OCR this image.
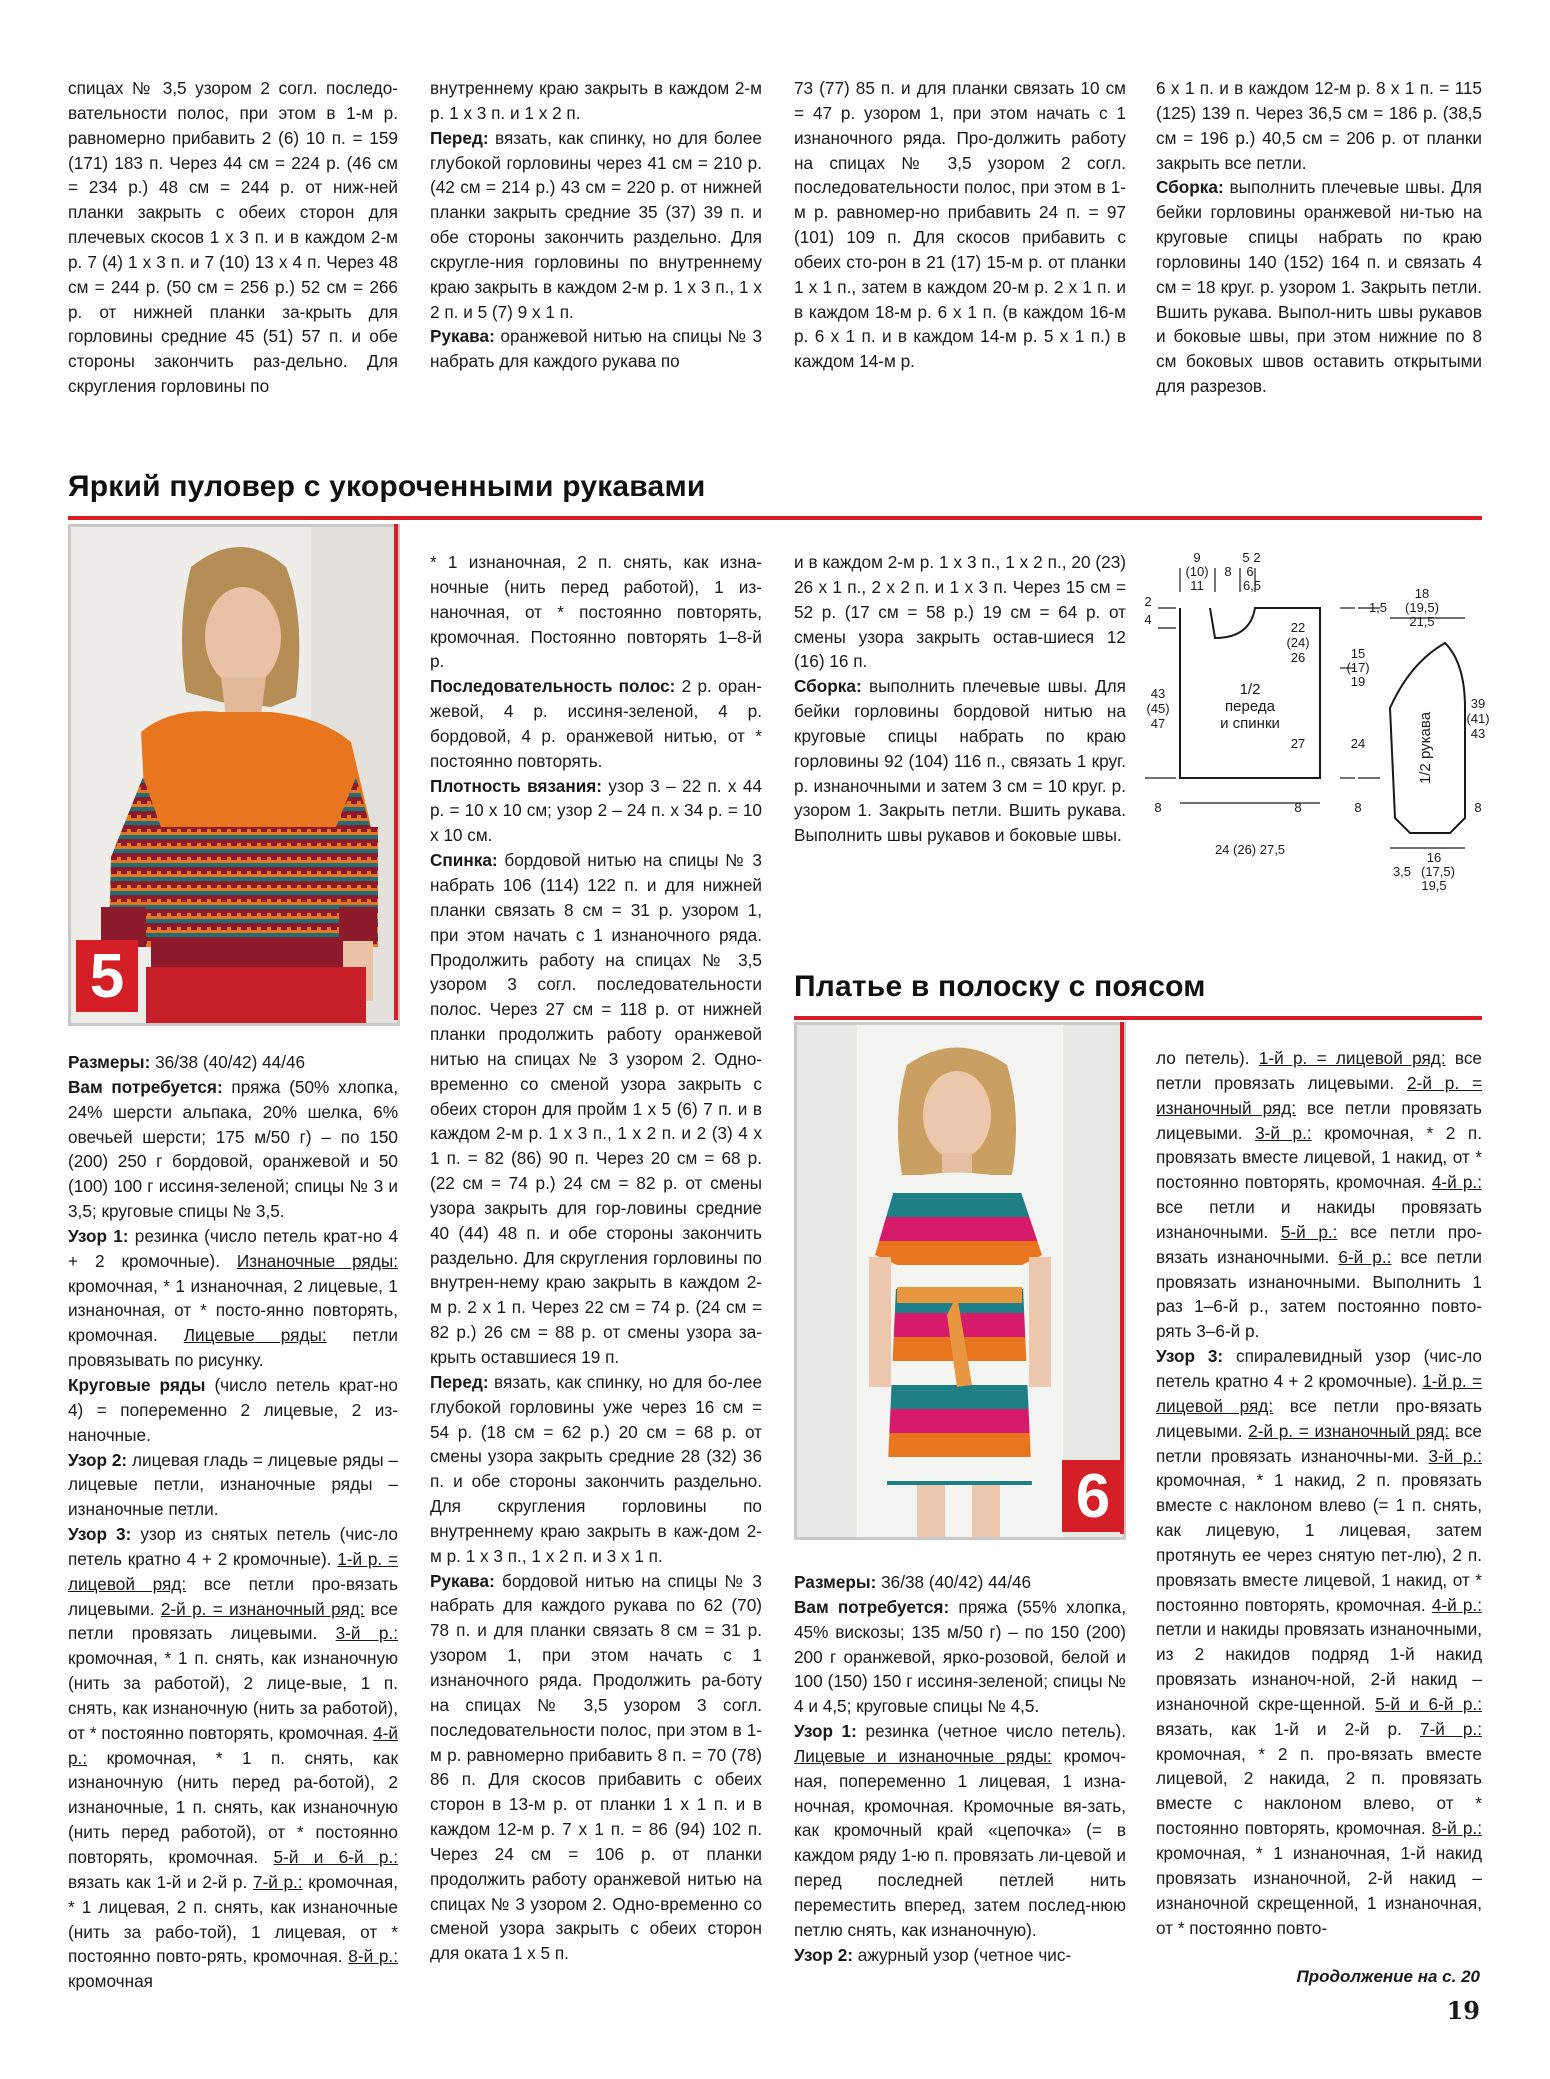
спицах № 3,5 узором 2 согл. последо-вательности полос, при этом в 1-м р. равномерно прибавить 2 (6) 10 п. = 159 (171) 183 п. Через 44 см = 224 р. (46 см = 234 р.) 48 см = 244 р. от ниж-ней планки закрыть с обеих сторон для плечевых скосов 1 х 3 п. и в каждом 2-м р. 7 (4) 1 х 3 п. и 7 (10) 13 х 4 п. Через 48 см = 244 р. (50 см = 256 р.) 52 см = 266 р. от нижней планки за-крыть для горловины средние 45 (51) 57 п. и обе стороны закончить раз-дельно. Для скругления горловины по

внутреннему краю закрыть в каждом 2-м р. 1 х 3 п. и 1 х 2 п.

Перед: вязать, как спинку, но для более глубокой горловины через 41 см = 210 р. (42 см = 214 р.) 43 см = 220 р. от нижней планки закрыть средние 35 (37) 39 п. и обе стороны закончить раздельно. Для скругле-ния горловины по внутреннему краю закрыть в каждом 2-м р. 1 х 3 п., 1 х 2 п. и 5 (7) 9 х 1 п.

Рукава: оранжевой нитью на спицы № 3 набрать для каждого рукава по

73 (77) 85 п. и для планки связать 10 см = 47 р. узором 1, при этом начать с 1 изнаночного ряда. Про-должить работу на спицах № 3,5 узором 2 согл. последовательности полос, при этом в 1-м р. равномер-но прибавить 24 п. = 97 (101) 109 п. Для скосов прибавить с обеих сто-рон в 21 (17) 15-м р. от планки 1 х 1 п., затем в каждом 20-м р. 2 х 1 п. и в каждом 18-м р. 6 х 1 п. (в каждом 16-м р. 6 х 1 п. и в каждом 14-м р. 5 х 1 п.) в каждом 14-м р.

6 х 1 п. и в каждом 12-м р. 8 х 1 п. = 115 (125) 139 п. Через 36,5 см = 186 р. (38,5 см = 196 р.) 40,5 см = 206 р. от планки закрыть все петли.

Сборка: выполнить плечевые швы. Для бейки горловины оранжевой ни-тью на круговые спицы набрать по краю горловины 140 (152) 164 п. и связать 4 см = 18 круг. р. узором 1. Закрыть петли. Вшить рукава. Выпол-нить швы рукавов и боковые швы, при этом нижние по 8 см боковых швов оставить открытыми для разрезов.

Яркий пуловер с укороченными рукавами
5

Размеры: 36/38 (40/42) 44/46

Вам потребуется: пряжа (50% хлопка, 24% шерсти альпака, 20% шелка, 6% овечьей шерсти; 175 м/50 г) – по 150 (200) 250 г бордовой, оранжевой и 50 (100) 100 г иссиня-зеленой; спицы № 3 и 3,5; круговые спицы № 3,5.

Узор 1: резинка (число петель крат-но 4 + 2 кромочные). Изнаночные ряды: кромочная, * 1 изнаночная, 2 лицевые, 1 изнаночная, от * посто-янно повторять, кромочная. Лицевые ряды: петли провязывать по рисунку.

Круговые ряды (число петель крат-но 4) = попеременно 2 лицевые, 2 из-наночные.

Узор 2: лицевая гладь = лицевые ряды – лицевые петли, изнаночные ряды – изнаночные петли.

Узор 3: узор из снятых петель (чис-ло петель кратно 4 + 2 кромочные). 1-й р. = лицевой ряд: все петли про-вязать лицевыми. 2-й р. = изнаночный ряд: все петли провязать лицевыми. 3-й р.: кромочная, * 1 п. снять, как изнаночную (нить за работой), 2 лице-вые, 1 п. снять, как изнаночную (нить за работой), от * постоянно повторять, кромочная. 4-й р.: кромочная, * 1 п. снять, как изнаночную (нить перед ра-ботой), 2 изнаночные, 1 п. снять, как изнаночную (нить перед работой), от * постоянно повторять, кромочная. 5-й и 6-й р.: вязать как 1-й и 2-й р. 7-й р.: кромочная, * 1 лицевая, 2 п. снять, как изнаночные (нить за рабо-той), 1 лицевая, от * постоянно повто-рять, кромочная. 8-й р.: кромочная

* 1 изнаночная, 2 п. снять, как изна-ночные (нить перед работой), 1 из-наночная, от * постоянно повторять, кромочная. Постоянно повторять 1–8-й р.

Последовательность полос: 2 р. оран-жевой, 4 р. иссиня-зеленой, 4 р. бордовой, 4 р. оранжевой нитью, от * постоянно повторять.

Плотность вязания: узор 3 – 22 п. х 44 р. = 10 х 10 см; узор 2 – 24 п. х 34 р. = 10 х 10 см.

Спинка: бордовой нитью на спицы № 3 набрать 106 (114) 122 п. и для нижней планки связать 8 см = 31 р. узором 1, при этом начать с 1 изнаночного ряда. Продолжить работу на спицах № 3,5 узором 3 согл. последовательности полос. Через 27 см = 118 р. от нижней планки продолжить работу оранжевой нитью на спицах № 3 узором 2. Одно-временно со сменой узора закрыть с обеих сторон для пройм 1 х 5 (6) 7 п. и в каждом 2-м р. 1 х 3 п., 1 х 2 п. и 2 (3) 4 х 1 п. = 82 (86) 90 п. Через 20 см = 68 р. (22 см = 74 р.) 24 см = 82 р. от смены узора закрыть для гор-ловины средние 40 (44) 48 п. и обе стороны закончить раздельно. Для скругления горловины по внутрен-нему краю закрыть в каждом 2-м р. 2 х 1 п. Через 22 см = 74 р. (24 см = 82 р.) 26 см = 88 р. от смены узора за-крыть оставшиеся 19 п.

Перед: вязать, как спинку, но для бо-лее глубокой горловины уже через 16 см = 54 р. (18 см = 62 р.) 20 см = 68 р. от смены узора закрыть средние 28 (32) 36 п. и обе стороны закончить раздельно. Для скругления горловины по внутреннему краю закрыть в каж-дом 2-м р. 1 х 3 п., 1 х 2 п. и 3 х 1 п.

Рукава: бордовой нитью на спицы № 3 набрать для каждого рукава по 62 (70) 78 п. и для планки связать 8 см = 31 р. узором 1, при этом начать с 1 изнаночного ряда. Продолжить ра-боту на спицах № 3,5 узором 3 согл. последовательности полос, при этом в 1-м р. равномерно прибавить 8 п. = 70 (78) 86 п. Для скосов прибавить с обеих сторон в 13-м р. от планки 1 х 1 п. и в каждом 12-м р. 7 х 1 п. = 86 (94) 102 п. Через 24 см = 106 р. от планки продолжить работу оранжевой нитью на спицах № 3 узором 2. Одно-временно со сменой узора закрыть с обеих сторон для оката 1 х 5 п.

и в каждом 2-м р. 1 х 3 п., 1 х 2 п., 20 (23) 26 х 1 п., 2 х 2 п. и 1 х 3 п. Через 15 см = 52 р. (17 см = 58 р.) 19 см = 64 р. от смены узора закрыть остав-шиеся 12 (16) 16 п.

Сборка: выполнить плечевые швы. Для бейки горловины бордовой нитью на круговые спицы набрать по краю горловины 92 (104) 116 п., связать 1 круг. р. изнаночными и затем 3 см = 10 круг. р. узором 1. Закрыть петли. Вшить рукава. Выполнить швы рукавов и боковые швы.

9
(10)
11
8
5 2
6
6,5
2
4
22
(24)
26
43
(45)
47
1/2
переда
и спинки
27
8	8
24 (26) 27,5
18
(19,5)
21,5
1,5
15
(17)
19
24
8	8
39
(41)
43
16
3,5 (17,5)
19,5
1/2 рукава
Платье в полоску с поясом
6

Размеры: 36/38 (40/42) 44/46

Вам потребуется: пряжа (55% хлопка, 45% вискозы; 135 м/50 г) – по 150 (200) 200 г оранжевой, ярко-розовой, белой и 100 (150) 150 г иссиня-зеленой; спицы № 4 и 4,5; круговые спицы № 4,5.

Узор 1: резинка (четное число петель). Лицевые и изнаночные ряды: кромоч-ная, попеременно 1 лицевая, 1 изна-ночная, кромочная. Кромочные вя-зать, как кромочный край «цепочка» (= в каждом ряду 1-ю п. провязать ли-цевой и перед последней петлей нить переместить вперед, затем послед-нюю петлю снять, как изнаночную).

Узор 2: ажурный узор (четное чис-

ло петель). 1-й р. = лицевой ряд: все петли провязать лицевыми. 2-й р. = изнаночный ряд: все петли провязать лицевыми. 3-й р.: кромочная, * 2 п. провязать вместе лицевой, 1 накид, от * постоянно повторять, кромочная. 4-й р.: все петли и накиды провязать изнаночными. 5-й р.: все петли про-вязать изнаночными. 6-й р.: все петли провязать изнаночными. Выполнить 1 раз 1–6-й р., затем постоянно повто-рять 3–6-й р.

Узор 3: спиралевидный узор (чис-ло петель кратно 4 + 2 кромочные). 1-й р. = лицевой ряд: все петли про-вязать лицевыми. 2-й р. = изнаночный ряд: все петли провязать изнаночны-ми. 3-й р.: кромочная, * 1 накид, 2 п. провязать вместе с наклоном влево (= 1 п. снять, как лицевую, 1 лицевая, затем протянуть ее через снятую пет-лю), 2 п. провязать вместе лицевой, 1 накид, от * постоянно повторять, кромочная. 4-й р.: петли и накиды провязать изнаночными, из 2 накидов подряд 1-й накид провязать изнаноч-ной, 2-й накид – изнаночной скре-щенной. 5-й и 6-й р.: вязать, как 1-й и 2-й р. 7-й р.: кромочная, * 2 п. про-вязать вместе лицевой, 2 накида, 2 п. провязать вместе с наклоном влево, от * постоянно повторять, кромочная. 8-й р.: кромочная, * 1 изнаночная, 1-й накид провязать изнаночной, 2-й накид – изнаночной скрещенной, 1 изнаночная, от * постоянно повто-

Продолжение на с. 20
19
